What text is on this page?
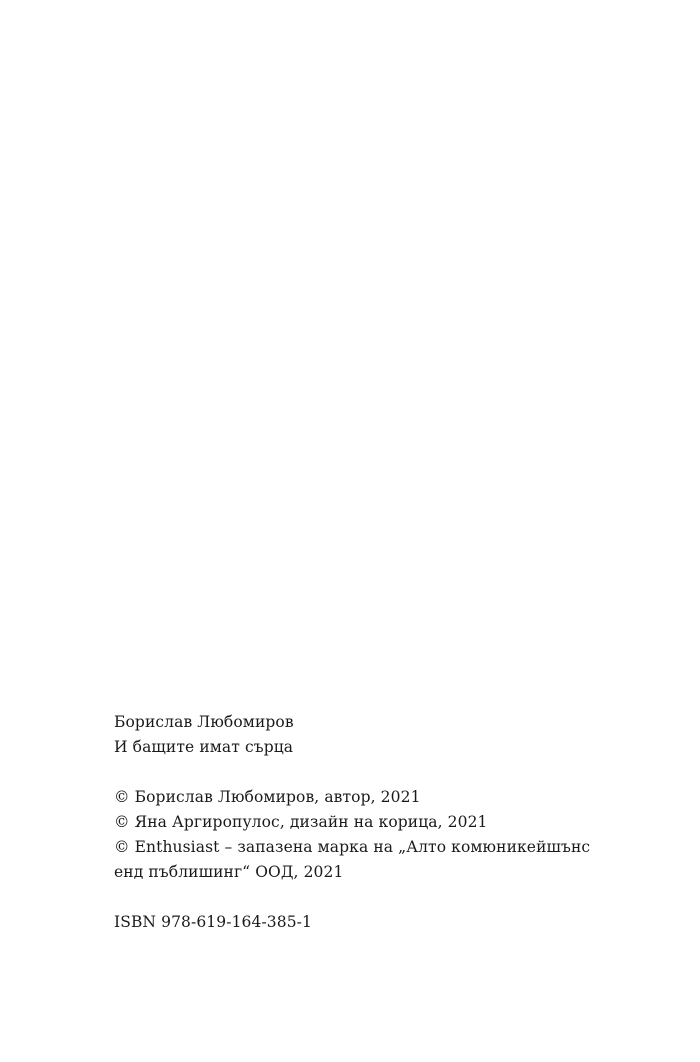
Борислав Любомиров
И бащите имат сърца
© Борислав Любомиров, автор, 2021
© Яна Аргиропулос, дизайн на корица, 2021
© Enthusiast – запазена марка на „Алто комюникейшънс
енд пъблишинг“ ООД, 2021
ISBN 978-619-164-385-1
